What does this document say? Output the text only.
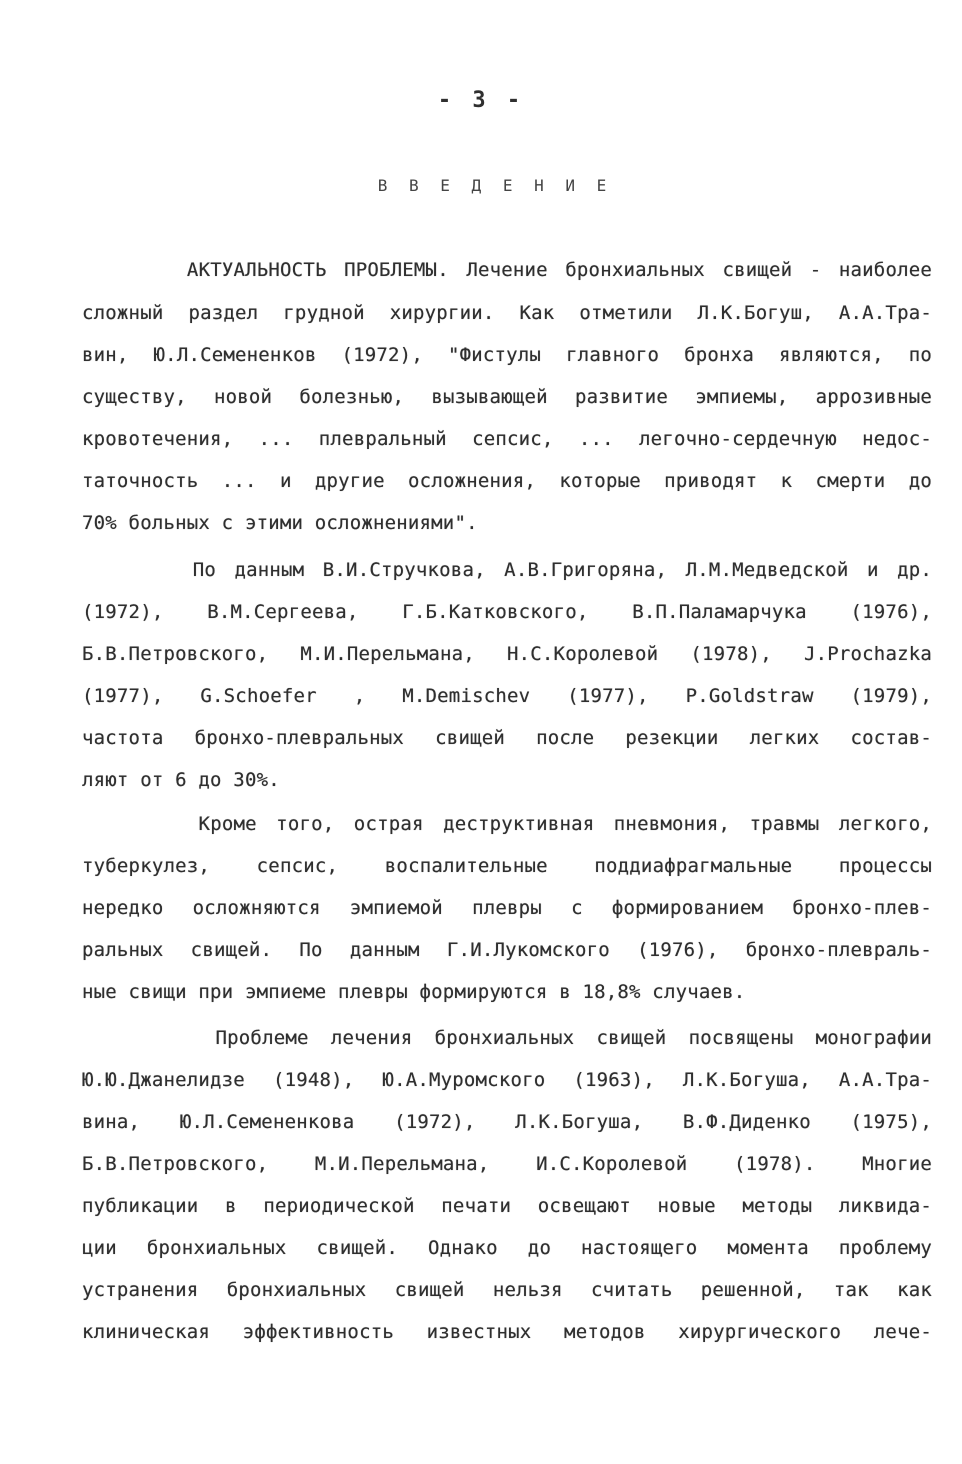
- 3 -
В В Е Д Е Н И Е
АКТУАЛЬНОСТЬ ПРОБЛЕМЫ. Лечение бронхиальных свищей - наиболее
сложный раздел грудной хирургии. Как отметили Л.К.Богуш, А.А.Тра-
вин, Ю.Л.Семененков (1972), "Фистулы главного бронха являются, по
существу, новой болезнью, вызывающей развитие эмпиемы, аррозивные
кровотечения, ... плевральный сепсис, ... легочно-сердечную недос-
таточность ... и другие осложнения, которые приводят к смерти до
70% больных с этими осложнениями".
По данным В.И.Стручкова, А.В.Григоряна, Л.М.Медведской и др.
(1972), В.М.Сергеева, Г.Б.Катковского, В.П.Паламарчука (1976),
Б.В.Петровского, М.И.Перельмана, Н.С.Королевой (1978), J.Prochazka
(1977), G.Schoefer , M.Demischev (1977), P.Goldstraw (1979),
частота бронхо-плевральных свищей после резекции легких состав-
ляют от 6 до 30%.
Кроме того, острая деструктивная пневмония, травмы легкого,
туберкулез, сепсис, воспалительные поддиафрагмальные процессы
нередко осложняются эмпиемой плевры с формированием бронхо-плев-
ральных свищей. По данным Г.И.Лукомского (1976), бронхо-плевраль-
ные свищи при эмпиеме плевры формируются в 18,8% случаев.
Проблеме лечения бронхиальных свищей посвящены монографии
Ю.Ю.Джанелидзе (1948), Ю.А.Муромского (1963), Л.К.Богуша, А.А.Тра-
вина, Ю.Л.Семененкова (1972), Л.К.Богуша, В.Ф.Диденко (1975),
Б.В.Петровского, М.И.Перельмана, И.С.Королевой (1978). Многие
публикации в периодической печати освещают новые методы ликвида-
ции бронхиальных свищей. Однако до настоящего момента проблему
устранения бронхиальных свищей нельзя считать решенной, так как
клиническая эффективность известных методов хирургического лече-
